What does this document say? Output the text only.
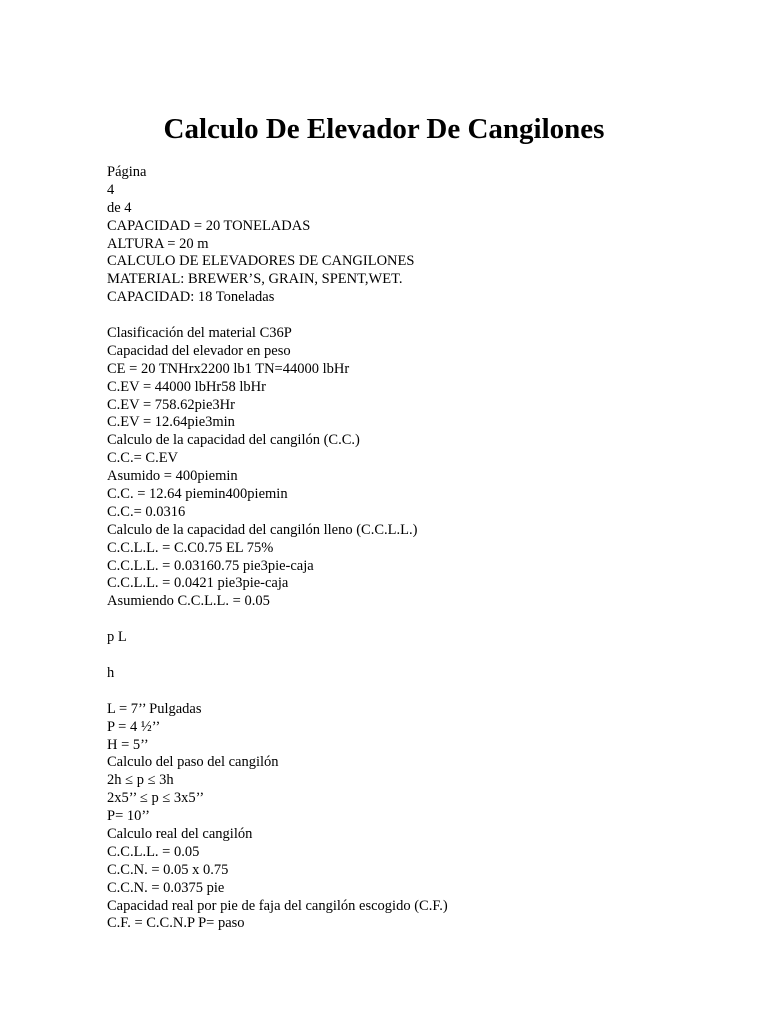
Calculo De Elevador De Cangilones
Página
4
de 4
CAPACIDAD = 20 TONELADAS
ALTURA = 20 m
CALCULO DE ELEVADORES DE CANGILONES
MATERIAL: BREWER’S, GRAIN, SPENT,WET.
CAPACIDAD: 18 Toneladas
Clasificación del material C36P
Capacidad del elevador en peso
CE = 20 TNHrx2200 lb1 TN=44000 lbHr
C.EV = 44000 lbHr58 lbHr
C.EV = 758.62pie3Hr
C.EV = 12.64pie3min
Calculo de la capacidad del cangilón (C.C.)
C.C.= C.EV
Asumido = 400piemin
C.C. = 12.64 piemin400piemin
C.C.= 0.0316
Calculo de la capacidad del cangilón lleno (C.C.L.L.)
C.C.L.L. = C.C0.75 EL 75%
C.C.L.L. = 0.03160.75 pie3pie-caja
C.C.L.L. = 0.0421 pie3pie-caja
Asumiendo C.C.L.L. = 0.05
p L
h
L = 7’’ Pulgadas
P = 4 ½’’
H = 5’’
Calculo del paso del cangilón
2h ≤ p ≤ 3h
2x5’’ ≤ p ≤ 3x5’’
P= 10’’
Calculo real del cangilón
C.C.L.L. = 0.05
C.C.N. = 0.05 x 0.75
C.C.N. = 0.0375 pie
Capacidad real por pie de faja del cangilón escogido (C.F.)
C.F. = C.C.N.P P= paso
